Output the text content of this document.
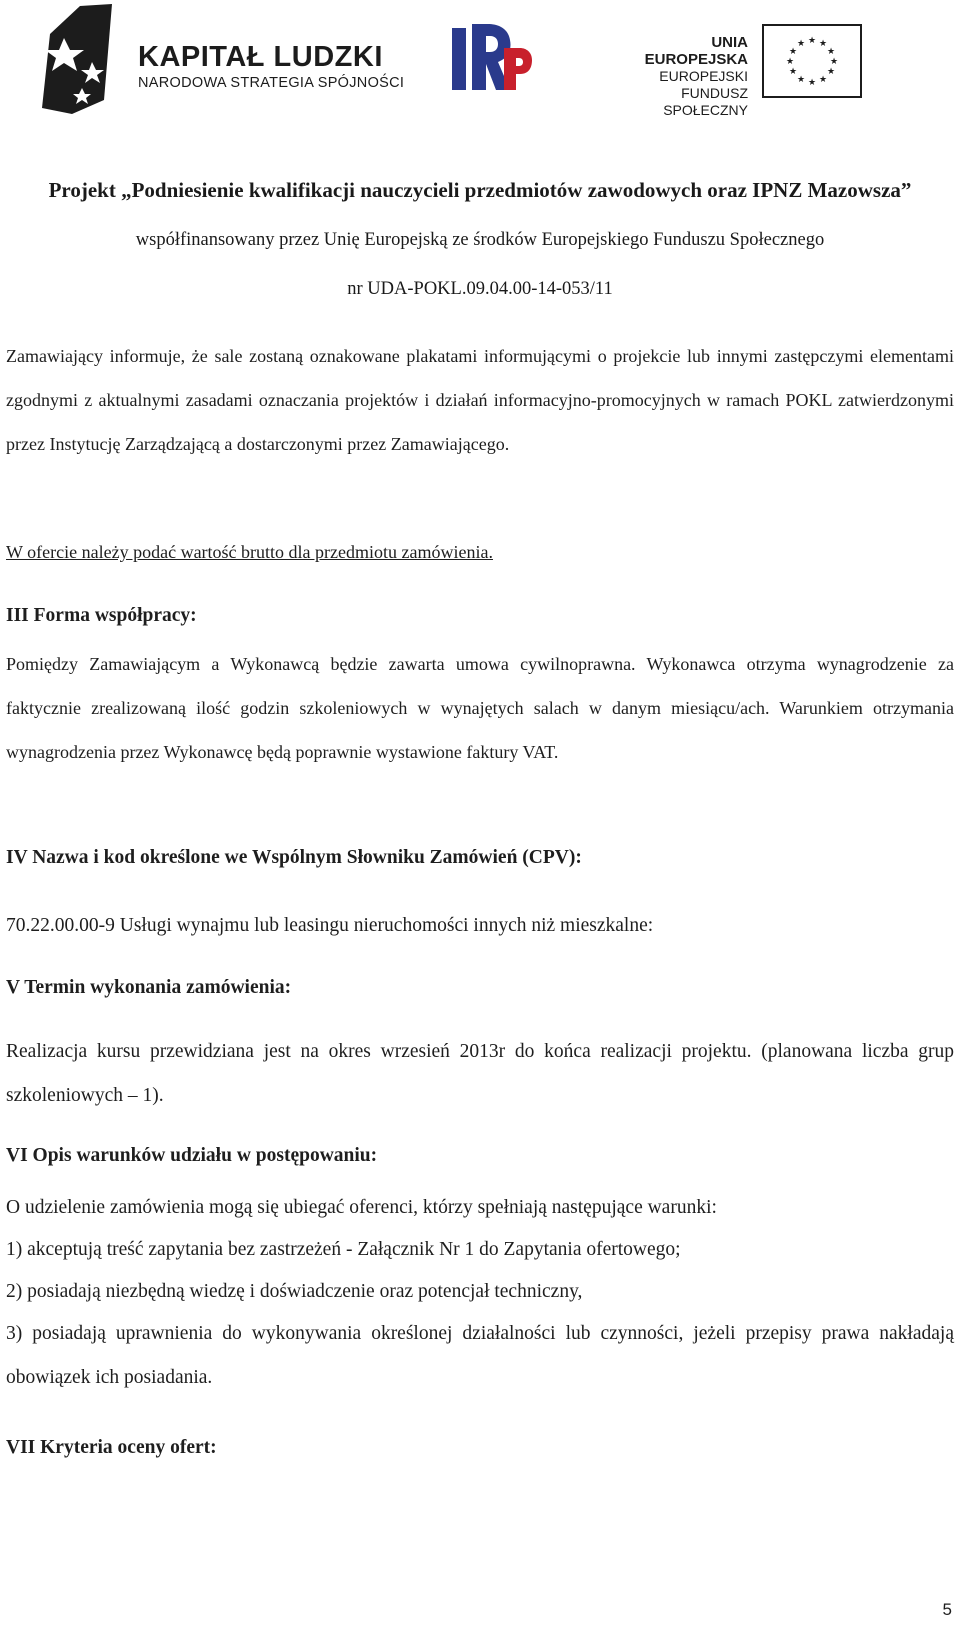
KAPITAŁ LUDZKI
NARODOWA STRATEGIA SPÓJNOŚCI
UNIA EUROPEJSKA
EUROPEJSKI
FUNDUSZ SPOŁECZNY
★ ★
★
★
★
★
★
★
★
★
★
★
Projekt „Podniesienie kwalifikacji nauczycieli przedmiotów zawodowych oraz IPNZ Mazowsza”
współfinansowany przez Unię Europejską ze środków Europejskiego Funduszu Społecznego
nr UDA-POKL.09.04.00-14-053/11
Zamawiający informuje, że sale zostaną oznakowane plakatami informującymi o projekcie lub innymi zastępczymi elementami zgodnymi z aktualnymi zasadami oznaczania projektów i działań informacyjno-promocyjnych w ramach POKL zatwierdzonymi przez Instytucję Zarządzającą a dostarczonymi przez Zamawiającego.
W ofercie należy podać wartość brutto dla przedmiotu zamówienia.
III Forma współpracy:
Pomiędzy Zamawiającym a Wykonawcą będzie zawarta umowa cywilnoprawna. Wykonawca otrzyma wynagrodzenie za faktycznie zrealizowaną ilość godzin szkoleniowych w wynajętych salach w danym miesiącu/ach. Warunkiem otrzymania wynagrodzenia przez Wykonawcę będą poprawnie wystawione faktury VAT.
IV Nazwa i kod określone we Wspólnym Słowniku Zamówień (CPV):
70.22.00.00-9 Usługi wynajmu lub leasingu nieruchomości innych niż mieszkalne:
V Termin wykonania zamówienia:
Realizacja kursu przewidziana jest na okres wrzesień 2013r do końca realizacji projektu. (planowana liczba grup szkoleniowych – 1).
VI Opis warunków udziału w postępowaniu:
O udzielenie zamówienia mogą się ubiegać oferenci, którzy spełniają następujące warunki:
1) akceptują treść zapytania bez zastrzeżeń - Załącznik Nr 1 do Zapytania ofertowego;
2) posiadają niezbędną wiedzę i doświadczenie oraz potencjał techniczny,
3) posiadają uprawnienia do wykonywania określonej działalności lub czynności, jeżeli przepisy prawa nakładają obowiązek ich posiadania.
VII Kryteria oceny ofert:
5
